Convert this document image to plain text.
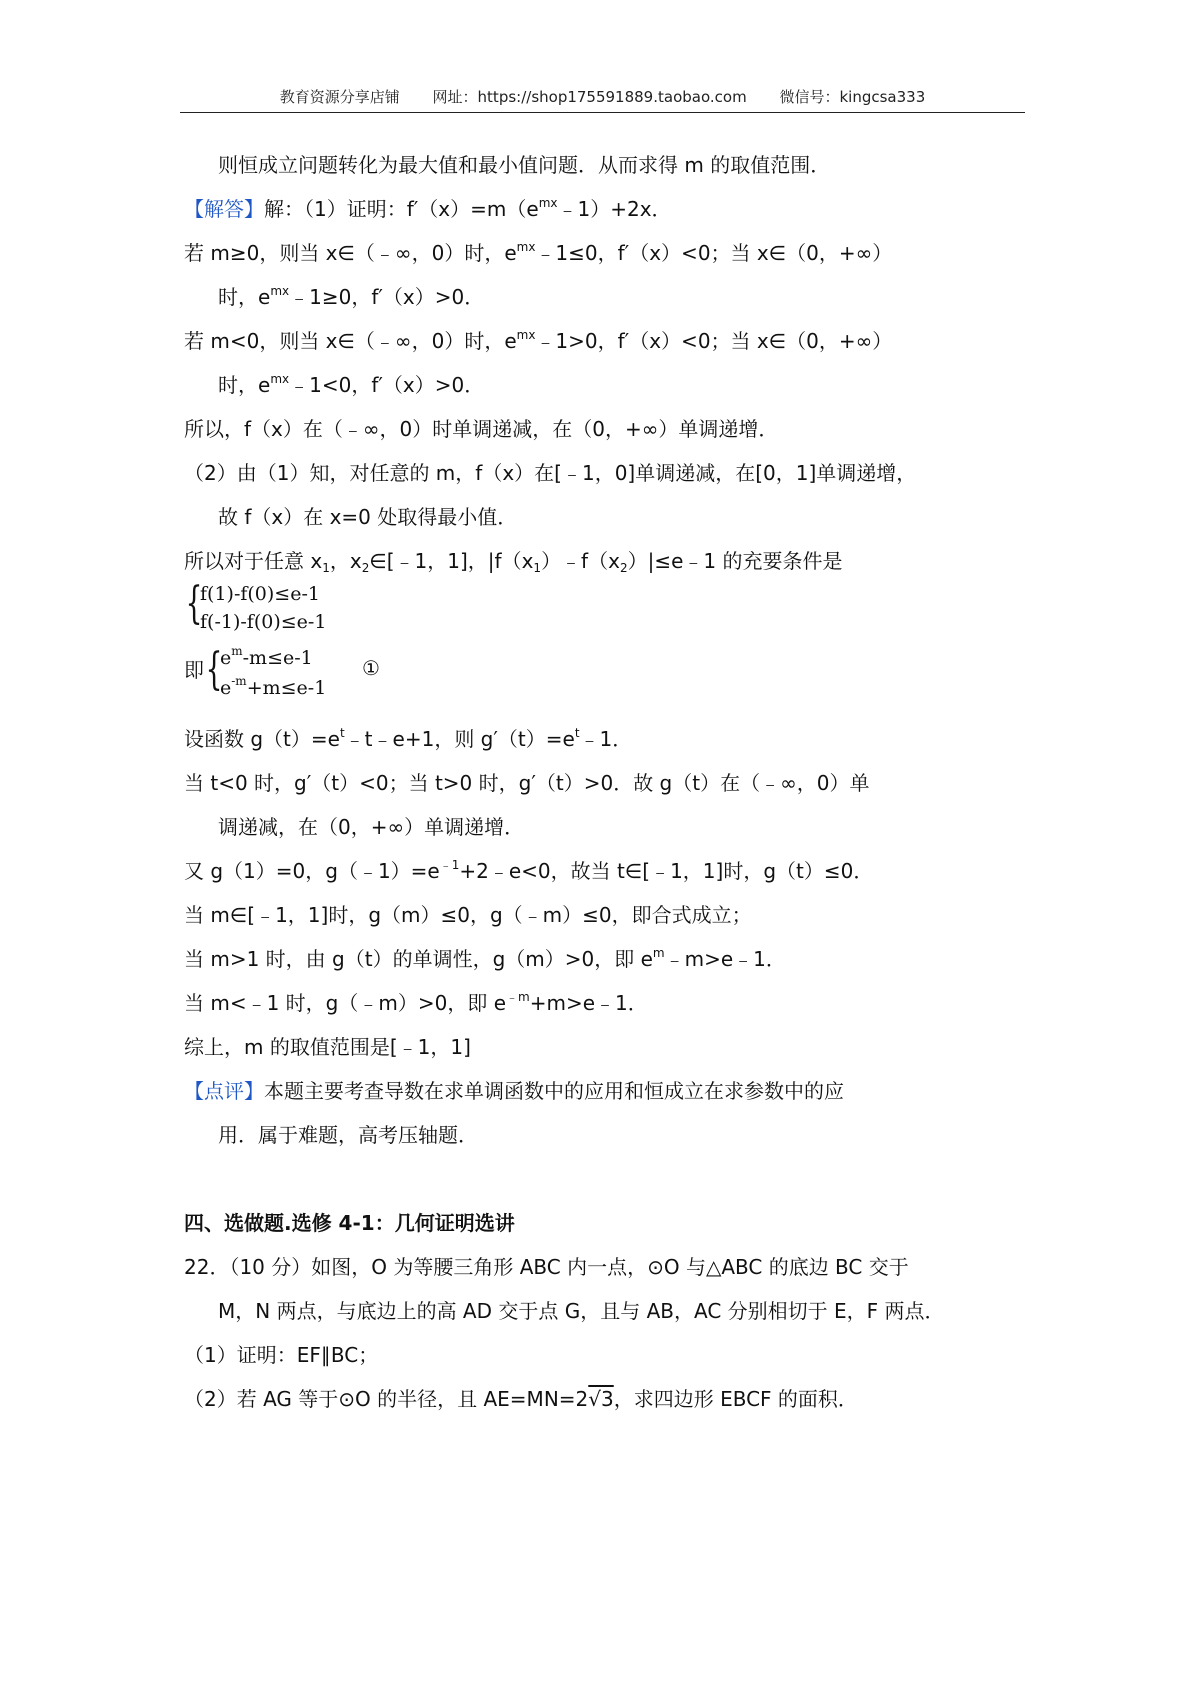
教育资源分享店铺 网址：https://shop175591889.taobao.com 微信号：kingcsa333
则恒成立问题转化为最大值和最小值问题．从而求得 m 的取值范围．
【解答】解：（1）证明：$f'(x)=m(e^{mx}﹣1)+2x$．
若 m≥0，则当 x∈（﹣∞，0）时，$e^{mx}﹣1\le 0$，f′（x）<0；当 x∈（0，+∞）
时，$e^{mx}﹣1\ge 0$，f′（x）>0．
若 m<0，则当 x∈（﹣∞，0）时，$e^{mx}﹣1>0$，f′（x）<0；当 x∈（0，+∞）
时，$e^{mx}﹣1<0$，f′（x）>0．
所以，f（x）在（﹣∞，0）时单调递减，在（0，+∞）单调递增．
（2）由（1）知，对任意的 m，f（x）在[﹣1，0]单调递减，在[0，1]单调递增，
故 f（x）在 x=0 处取得最小值．
所以对于任意 $x_1$，$x_2\in[﹣1$，1]，$|f(x_1)﹣f(x_2)|\le e﹣1$ 的充要条件是
{
f(1)-f(0)≤e-1
f(-1)-f(0)≤e-1
即 {
$e^m-m\le e-1$
$e^{-m}+m\le e-1$
①
设函数 $g(t)=e^t﹣t﹣e+1$，则 $g'(t)=e^t﹣1$．
当 t<0 时，g′（t）<0；当 t>0 时，g′（t）>0．故 g（t）在（﹣∞，0）单
调递减，在（0，+∞）单调递增．
又 g（1）=0，$g(﹣1)=e^{﹣1}+2﹣e<0$，故当 t∈[﹣1，1]时，g（t）≤0．
当 m∈[﹣1，1]时，g（m）≤0，g（﹣m）≤0，即合式成立；
当 m>1 时，由 g（t）的单调性，g（m）>0，即 $e^m﹣m>e﹣1$．
当 m<﹣1 时，g（﹣m）>0，即 $e^{﹣m}+m>e﹣1$．
综上，m 的取值范围是[﹣1，1]
【点评】本题主要考查导数在求单调函数中的应用和恒成立在求参数中的应
用．属于难题，高考压轴题．
四、选做题.选修 4-1：几何证明选讲
22．（10 分）如图，O 为等腰三角形 ABC 内一点，⊙O 与△ABC 的底边 BC 交于
M，N 两点，与底边上的高 AD 交于点 G，且与 AB，AC 分别相切于 E，F 两点．
（1）证明：EF∥BC；
（2）若 AG 等于⊙O 的半径，且 AE=MN=2√3，求四边形 EBCF 的面积．
